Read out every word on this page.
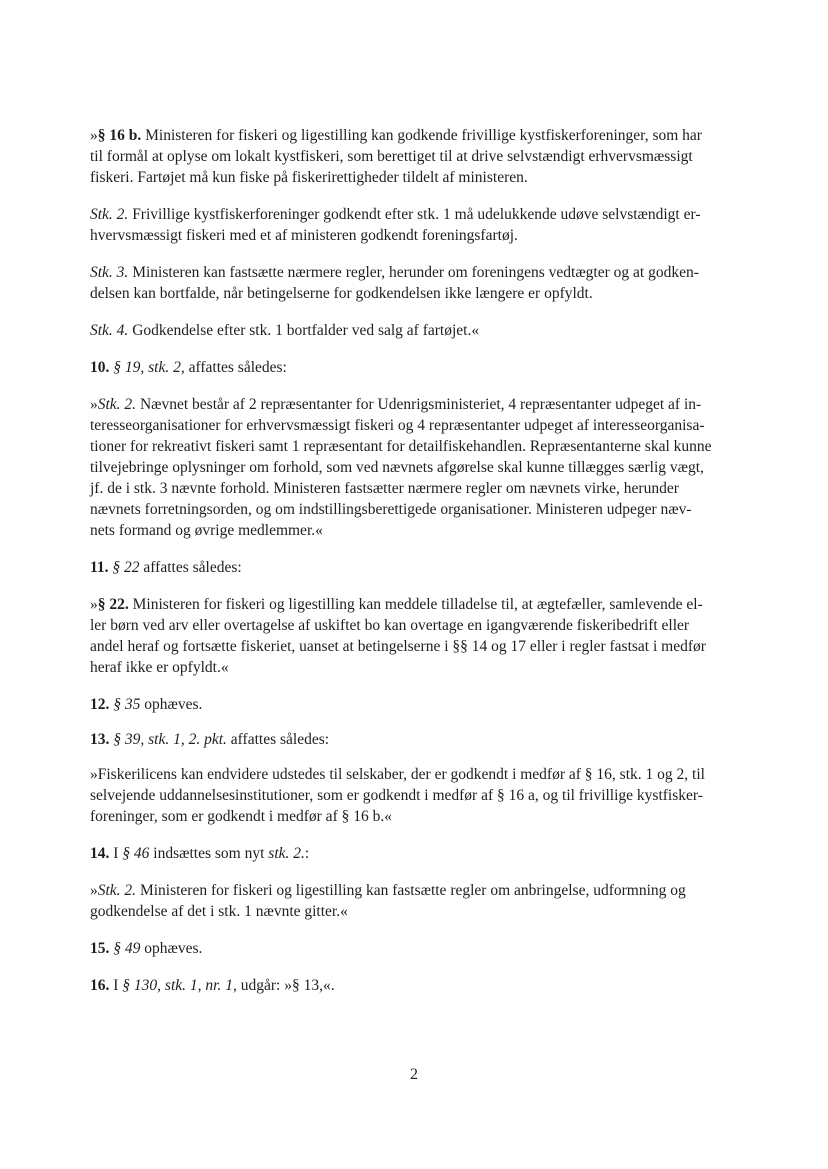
»§ 16 b. Ministeren for fiskeri og ligestilling kan godkende frivillige kystfiskerforeninger, som har
til formål at oplyse om lokalt kystfiskeri, som berettiget til at drive selvstændigt erhvervsmæssigt
fiskeri. Fartøjet må kun fiske på fiskerirettigheder tildelt af ministeren.

Stk. 2. Frivillige kystfiskerforeninger godkendt efter stk. 1 må udelukkende udøve selvstændigt er-
hvervsmæssigt fiskeri med et af ministeren godkendt foreningsfartøj.

Stk. 3. Ministeren kan fastsætte nærmere regler, herunder om foreningens vedtægter og at godken-
delsen kan bortfalde, når betingelserne for godkendelsen ikke længere er opfyldt.

Stk. 4. Godkendelse efter stk. 1 bortfalder ved salg af fartøjet.«

10. § 19, stk. 2, affattes således:

»Stk. 2. Nævnet består af 2 repræsentanter for Udenrigsministeriet, 4 repræsentanter udpeget af in-
teresseorganisationer for erhvervsmæssigt fiskeri og 4 repræsentanter udpeget af interesseorganisa-
tioner for rekreativt fiskeri samt 1 repræsentant for detailfiskehandlen. Repræsentanterne skal kunne
tilvejebringe oplysninger om forhold, som ved nævnets afgørelse skal kunne tillægges særlig vægt,
jf. de i stk. 3 nævnte forhold. Ministeren fastsætter nærmere regler om nævnets virke, herunder
nævnets forretningsorden, og om indstillingsberettigede organisationer. Ministeren udpeger næv-
nets formand og øvrige medlemmer.«

11. § 22 affattes således:

»§ 22. Ministeren for fiskeri og ligestilling kan meddele tilladelse til, at ægtefæller, samlevende el-
ler børn ved arv eller overtagelse af uskiftet bo kan overtage en igangværende fiskeribedrift eller
andel heraf og fortsætte fiskeriet, uanset at betingelserne i §§ 14 og 17 eller i regler fastsat i medfør
heraf ikke er opfyldt.«

12. § 35 ophæves.

13. § 39, stk. 1, 2. pkt. affattes således:

»Fiskerilicens kan endvidere udstedes til selskaber, der er godkendt i medfør af § 16, stk. 1 og 2, til
selvejende uddannelsesinstitutioner, som er godkendt i medfør af § 16 a, og til frivillige kystfisker-
foreninger, som er godkendt i medfør af § 16 b.«

14. I § 46 indsættes som nyt stk. 2.:

»Stk. 2. Ministeren for fiskeri og ligestilling kan fastsætte regler om anbringelse, udformning og
godkendelse af det i stk. 1 nævnte gitter.«

15. § 49 ophæves.

16. I § 130, stk. 1, nr. 1, udgår: »§ 13,«.

2
